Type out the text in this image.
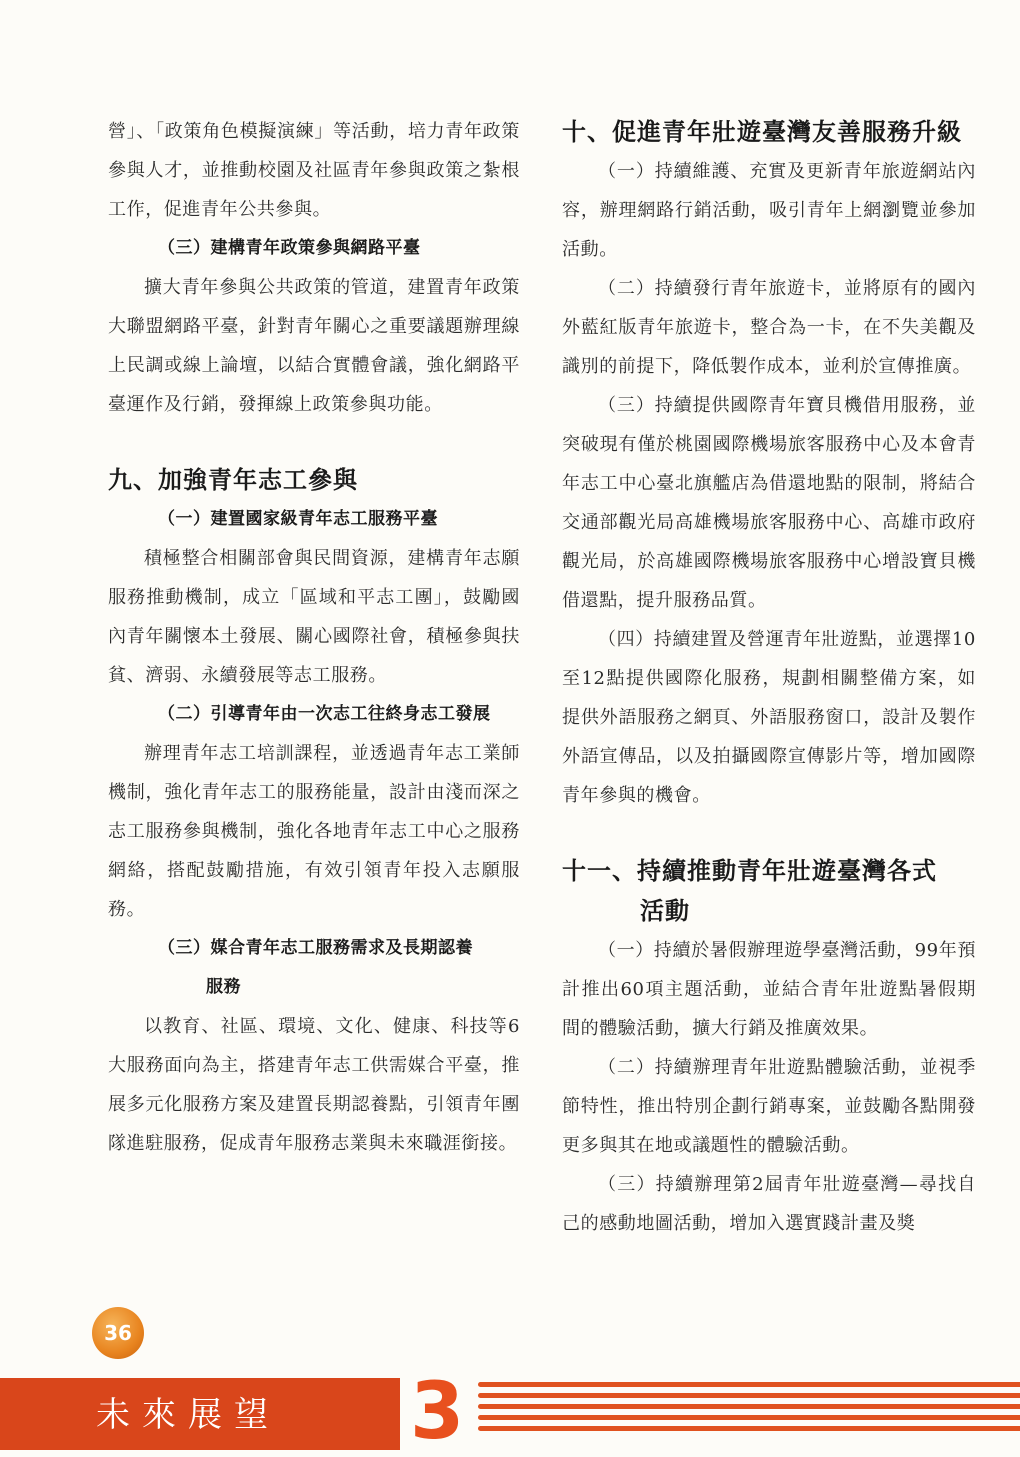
營」、「政策角色模擬演練」等活動，培力青年政策參與人才，並推動校園及社區青年參與政策之紮根工作，促進青年公共參與。

（三）建構青年政策參與網路平臺

擴大青年參與公共政策的管道，建置青年政策大聯盟網路平臺，針對青年關心之重要議題辦理線上民調或線上論壇，以結合實體會議，強化網路平臺運作及行銷，發揮線上政策參與功能。

九、加強青年志工參與

（一）建置國家級青年志工服務平臺

積極整合相關部會與民間資源，建構青年志願服務推動機制，成立「區域和平志工團」，鼓勵國內青年關懷本土發展、關心國際社會，積極參與扶貧、濟弱、永續發展等志工服務。

（二）引導青年由一次志工往終身志工發展

辦理青年志工培訓課程，並透過青年志工業師機制，強化青年志工的服務能量，設計由淺而深之志工服務參與機制，強化各地青年志工中心之服務網絡，搭配鼓勵措施，有效引領青年投入志願服務。

（三）媒合青年志工服務需求及長期認養
服務

以教育、社區、環境、文化、健康、科技等6大服務面向為主，搭建青年志工供需媒合平臺，推展多元化服務方案及建置長期認養點，引領青年團隊進駐服務，促成青年服務志業與未來職涯銜接。

十、促進青年壯遊臺灣友善服務升級

（一）持續維護、充實及更新青年旅遊網站內容，辦理網路行銷活動，吸引青年上網瀏覽並參加活動。

（二）持續發行青年旅遊卡，並將原有的國內外藍紅版青年旅遊卡，整合為一卡，在不失美觀及識別的前提下，降低製作成本，並利於宣傳推廣。

（三）持續提供國際青年寶貝機借用服務，並突破現有僅於桃園國際機場旅客服務中心及本會青年志工中心臺北旗艦店為借還地點的限制，將結合交通部觀光局高雄機場旅客服務中心、高雄市政府觀光局，於高雄國際機場旅客服務中心增設寶貝機借還點，提升服務品質。

（四）持續建置及營運青年壯遊點，並選擇10至12點提供國際化服務，規劃相關整備方案，如提供外語服務之網頁、外語服務窗口，設計及製作外語宣傳品，以及拍攝國際宣傳影片等，增加國際青年參與的機會。

十一、持續推動青年壯遊臺灣各式
活動

（一）持續於暑假辦理遊學臺灣活動，99年預計推出60項主題活動，並結合青年壯遊點暑假期間的體驗活動，擴大行銷及推廣效果。

（二）持續辦理青年壯遊點體驗活動，並視季節特性，推出特別企劃行銷專案，並鼓勵各點開發更多與其在地或議題性的體驗活動。

（三）持續辦理第2屆青年壯遊臺灣—尋找自己的感動地圖活動，增加入選實踐計畫及獎

36
未來展望 3
